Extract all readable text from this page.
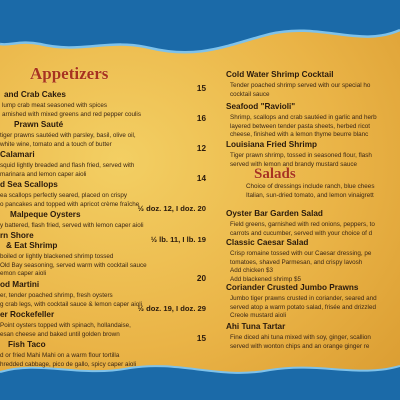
Appetizers
and Crab Cakes
15
lump crab meat seasoned with spices
arnished with mixed greens and red pepper coulis
Prawn Sauté
16
tiger prawns sautéed with parsley, basil, olive oil,
white wine, tomato and a touch of butter
Calamari
12
squid lightly breaded and flash fried, served with
marinara and lemon caper aioli
d Sea Scallops
14
ea scallops perfectly seared, placed on crispy
o pancakes and topped with apricot crème fraîche
Malpeque Oysters
½ doz. 12, I doz. 20
y battered, flash fried, served with lemon caper aioli
rn Shore
& Eat Shrimp
½ lb. 11, I lb. 19
boiled or lightly blackened shrimp tossed
Old Bay seasoning, served warm with cocktail sauce
emon caper aioli
od Martini
20
er, tender poached shrimp, fresh oysters
g crab legs, with cocktail sauce & lemon caper aioli
er Rockefeller
½ doz. 19, I doz. 29
Point oysters topped with spinach, hollandaise,
esan cheese and baked until golden brown
Fish Taco
15
d or fried Mahi Mahi on a warm flour tortilla
hredded cabbage, pico de gallo, spicy caper aioli
Cold Water Shrimp Cocktail
Tender poached shrimp served with our special ho
cocktail sauce
Seafood "Ravioli"
Shrimp, scallops and crab sautéed in garlic and herb
layered between tender pasta sheets, herbed ricot
cheese, finished with a lemon thyme beurre blanc
Louisiana Fried Shrimp
Tiger prawn shrimp, tossed in seasoned flour, flash
served with lemon and brandy mustard sauce
Salads
Choice of dressings include ranch, blue chees
Italian, sun-dried tomato, and lemon vinaigrett
Oyster Bar Garden Salad
Field greens, garnished with red onions, peppers, to
carrots and cucumber, served with your choice of d
Classic Caesar Salad
Crisp romaine tossed with our Caesar dressing, pe
tomatoes, shaved Parmesan, and crispy lavosh
Add chicken $3
Add blackened shrimp $5
Coriander Crusted Jumbo Prawns
Jumbo tiger prawns crusted in coriander, seared and
served atop a warm potato salad, frisée and drizzled
Creole mustard aioli
Ahi Tuna Tartar
Fine diced ahi tuna mixed with soy, ginger, scallion
served with wonton chips and an orange ginger re
